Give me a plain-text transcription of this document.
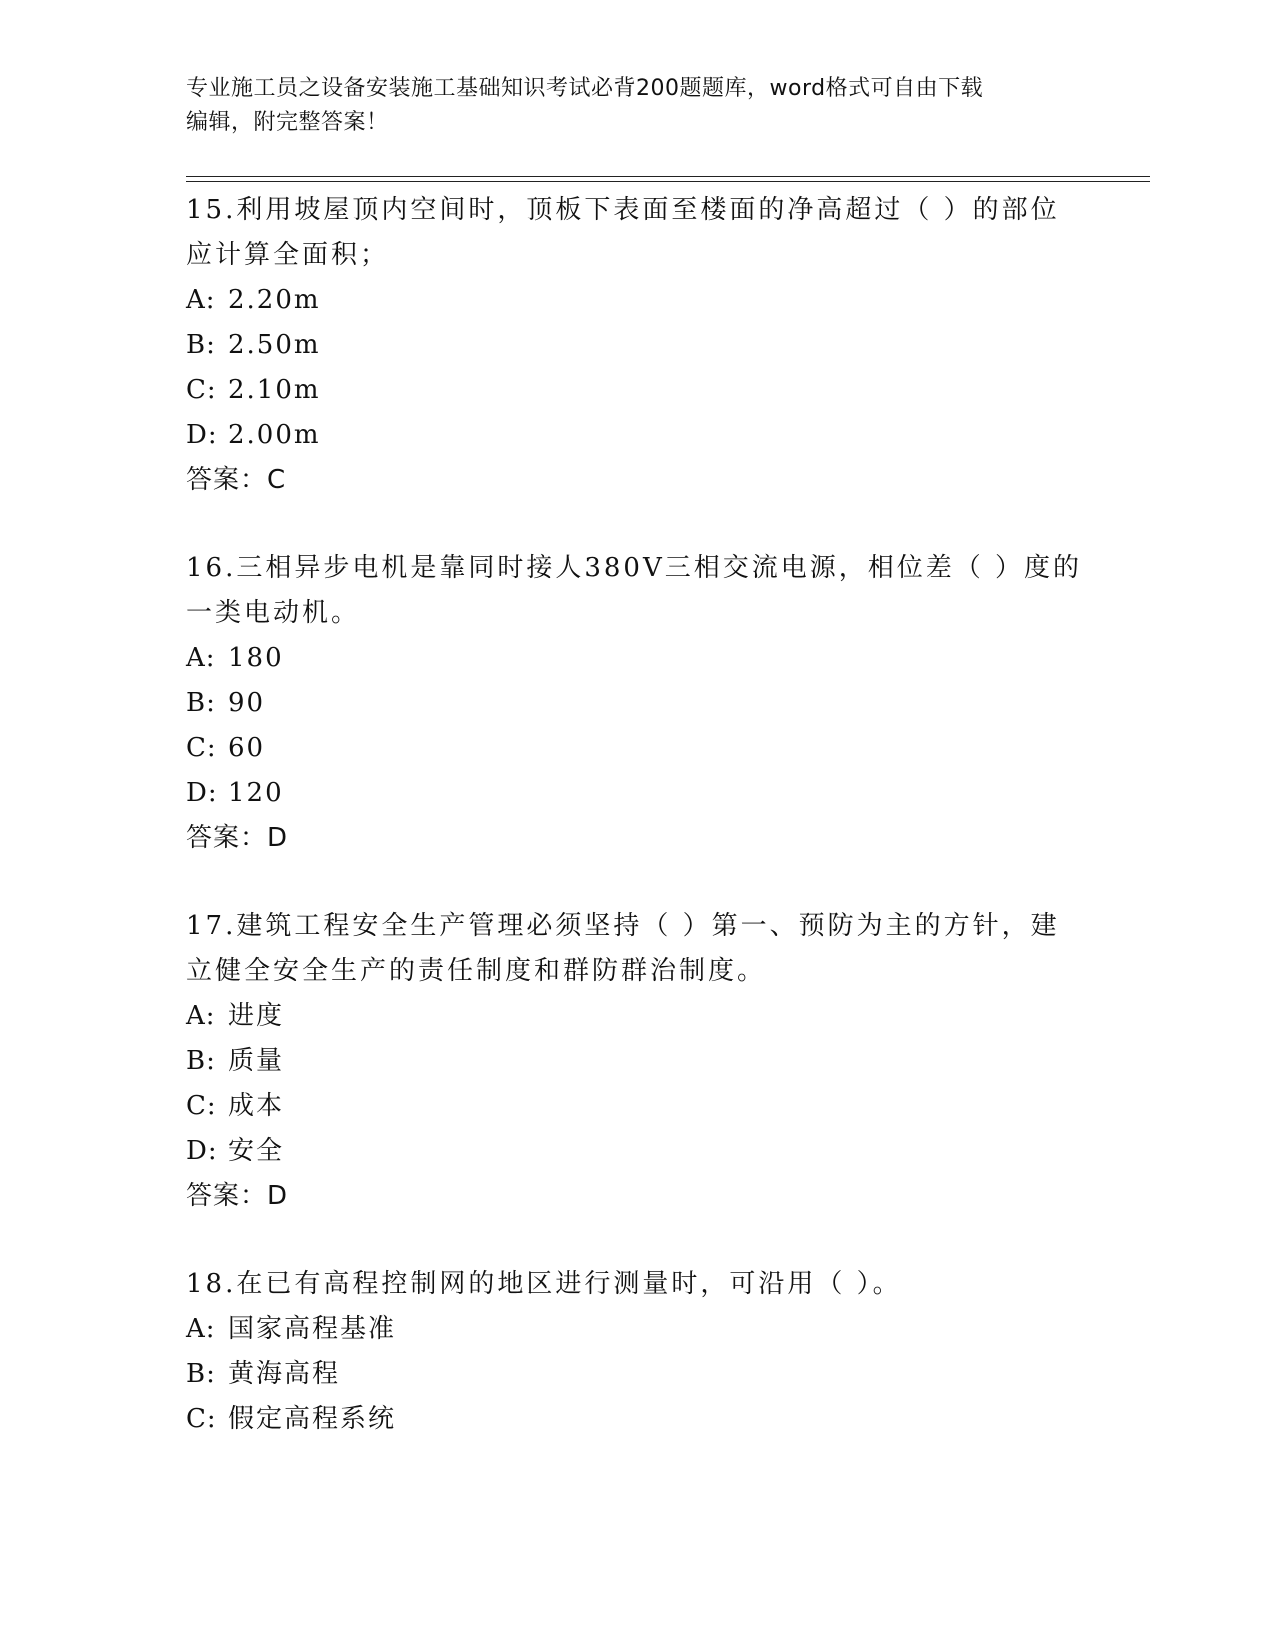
专业施工员之设备安装施工基础知识考试必背200题题库，word格式可自由下载
编辑，附完整答案！

15.利用坡屋顶内空间时，顶板下表面至楼面的净高超过（ ）的部位

应计算全面积；

A: 2.20m

B: 2.50m

C: 2.10m

D: 2.00m

答案：C

16.三相异步电机是靠同时接人380V三相交流电源，相位差（ ）度的

一类电动机。

A: 180

B: 90

C: 60

D: 120

答案：D

17.建筑工程安全生产管理必须坚持（ ）第一、预防为主的方针，建

立健全安全生产的责任制度和群防群治制度。

A: 进度

B: 质量

C: 成本

D: 安全

答案：D

18.在已有高程控制网的地区进行测量时，可沿用（ ）。

A: 国家高程基准

B: 黄海高程

C: 假定高程系统
